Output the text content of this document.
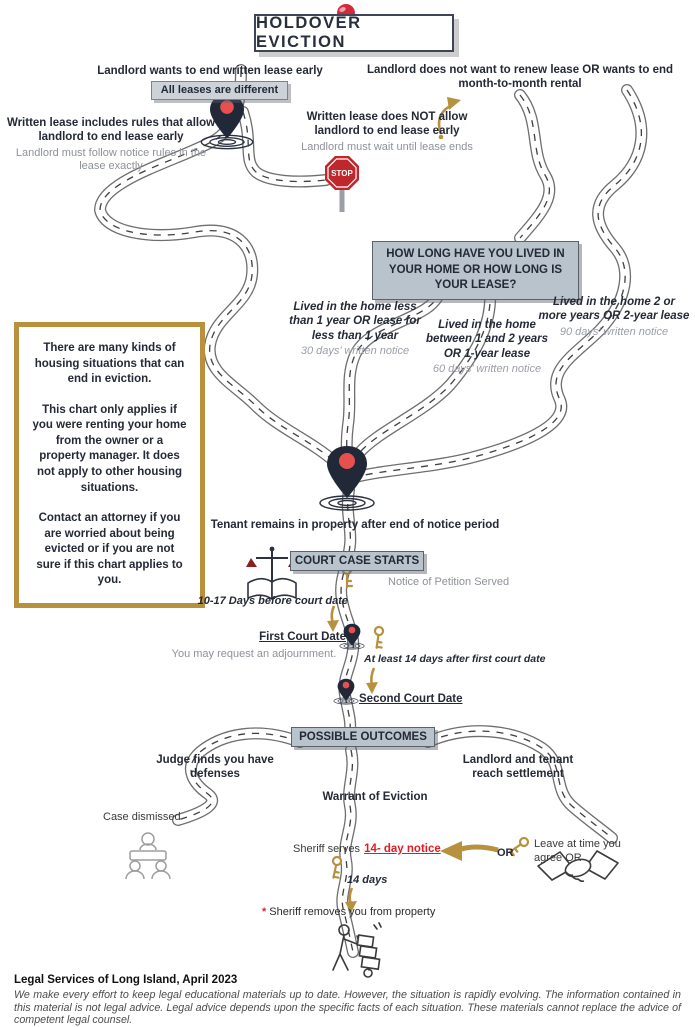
STOP
HOLDOVER EVICTION
Landlord wants to end written lease early
All leases are different
Written lease includes rules that allow landlord to end lease early
Landlord must follow notice rules in the lease exactly
Written lease does NOT allow landlord to end lease early
Landlord must wait until lease ends
Landlord does not want to renew lease OR wants to end month-to-month rental
HOW LONG HAVE YOU LIVED IN YOUR HOME OR HOW LONG IS YOUR LEASE?
Lived in the home less than 1 year OR lease for less than 1 year
30 days’ written notice
Lived in the home between 1 and 2 years OR 1-year lease
60 days’ written notice
Lived in the home 2 or more years OR 2-year lease
90 days’ written notice

There are many kinds of housing situations that can end in eviction.

This chart only applies if you were renting your home from the owner or a property manager. It does not apply to other housing situations.

Contact an attorney if you are worried about being evicted or if you are not sure if this chart applies to you.

Tenant remains in property after end of notice period
COURT CASE STARTS
Notice of Petition Served
10-17 Days before court date
First Court Date
You may request an adjournment.	At least 14 days after first court date
Second Court Date
POSSIBLE OUTCOMES
Judge finds you have defenses
Warrant of Eviction
Landlord and tenant reach settlement
Case dismissed
Sheriff serves 14- day notice	OR
Leave at time you agree OR
14 days
* Sheriff removes you from property
Legal Services of Long Island, April 2023
We make every effort to keep legal educational materials up to date. However, the situation is rapidly evolving. The information contained in this material is not legal advice. Legal advice depends upon the specific facts of each situation. These materials cannot replace the advice of competent legal counsel.
